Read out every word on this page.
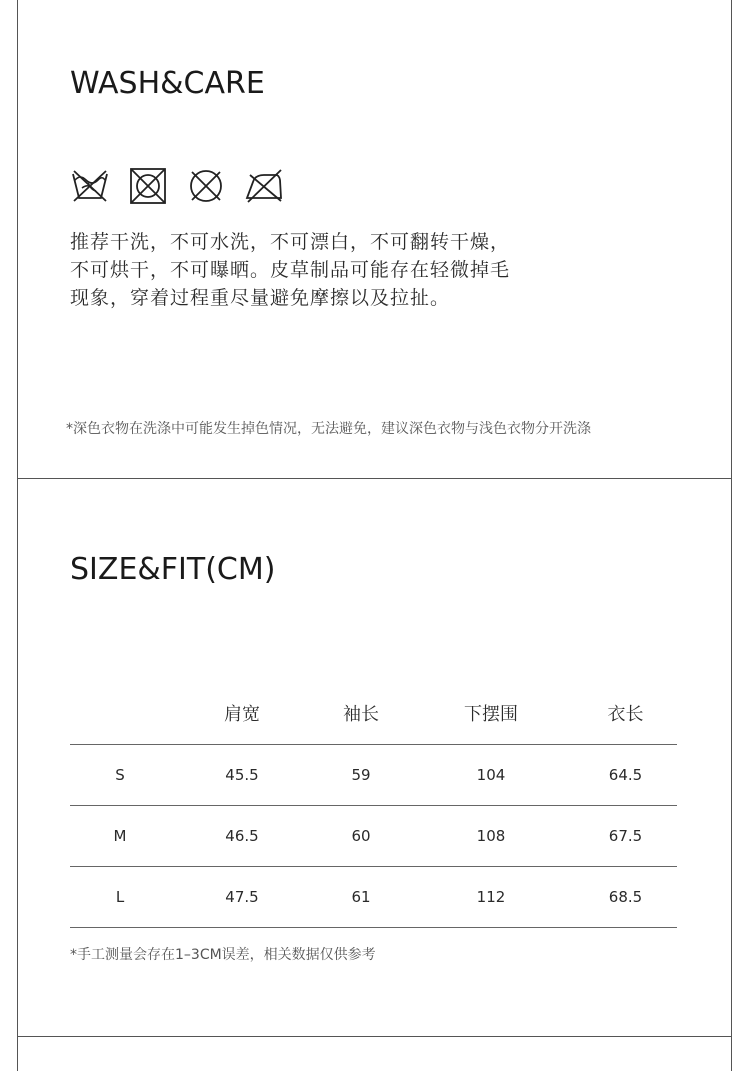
WASH&CARE
推荐干洗，不可水洗，不可漂白，不可翻转干燥，不可烘干，不可曝晒。皮草制品可能存在轻微掉毛现象，穿着过程重尽量避免摩擦以及拉扯。
*深色衣物在洗涤中可能发生掉色情况，无法避免，建议深色衣物与浅色衣物分开洗涤
SIZE&FIT(CM)
	肩宽	袖长	下摆围	衣长
S	45.5	59	104	64.5
M	46.5	60	108	67.5
L	47.5	61	112	68.5
*手工测量会存在1–3CM误差，相关数据仅供参考
